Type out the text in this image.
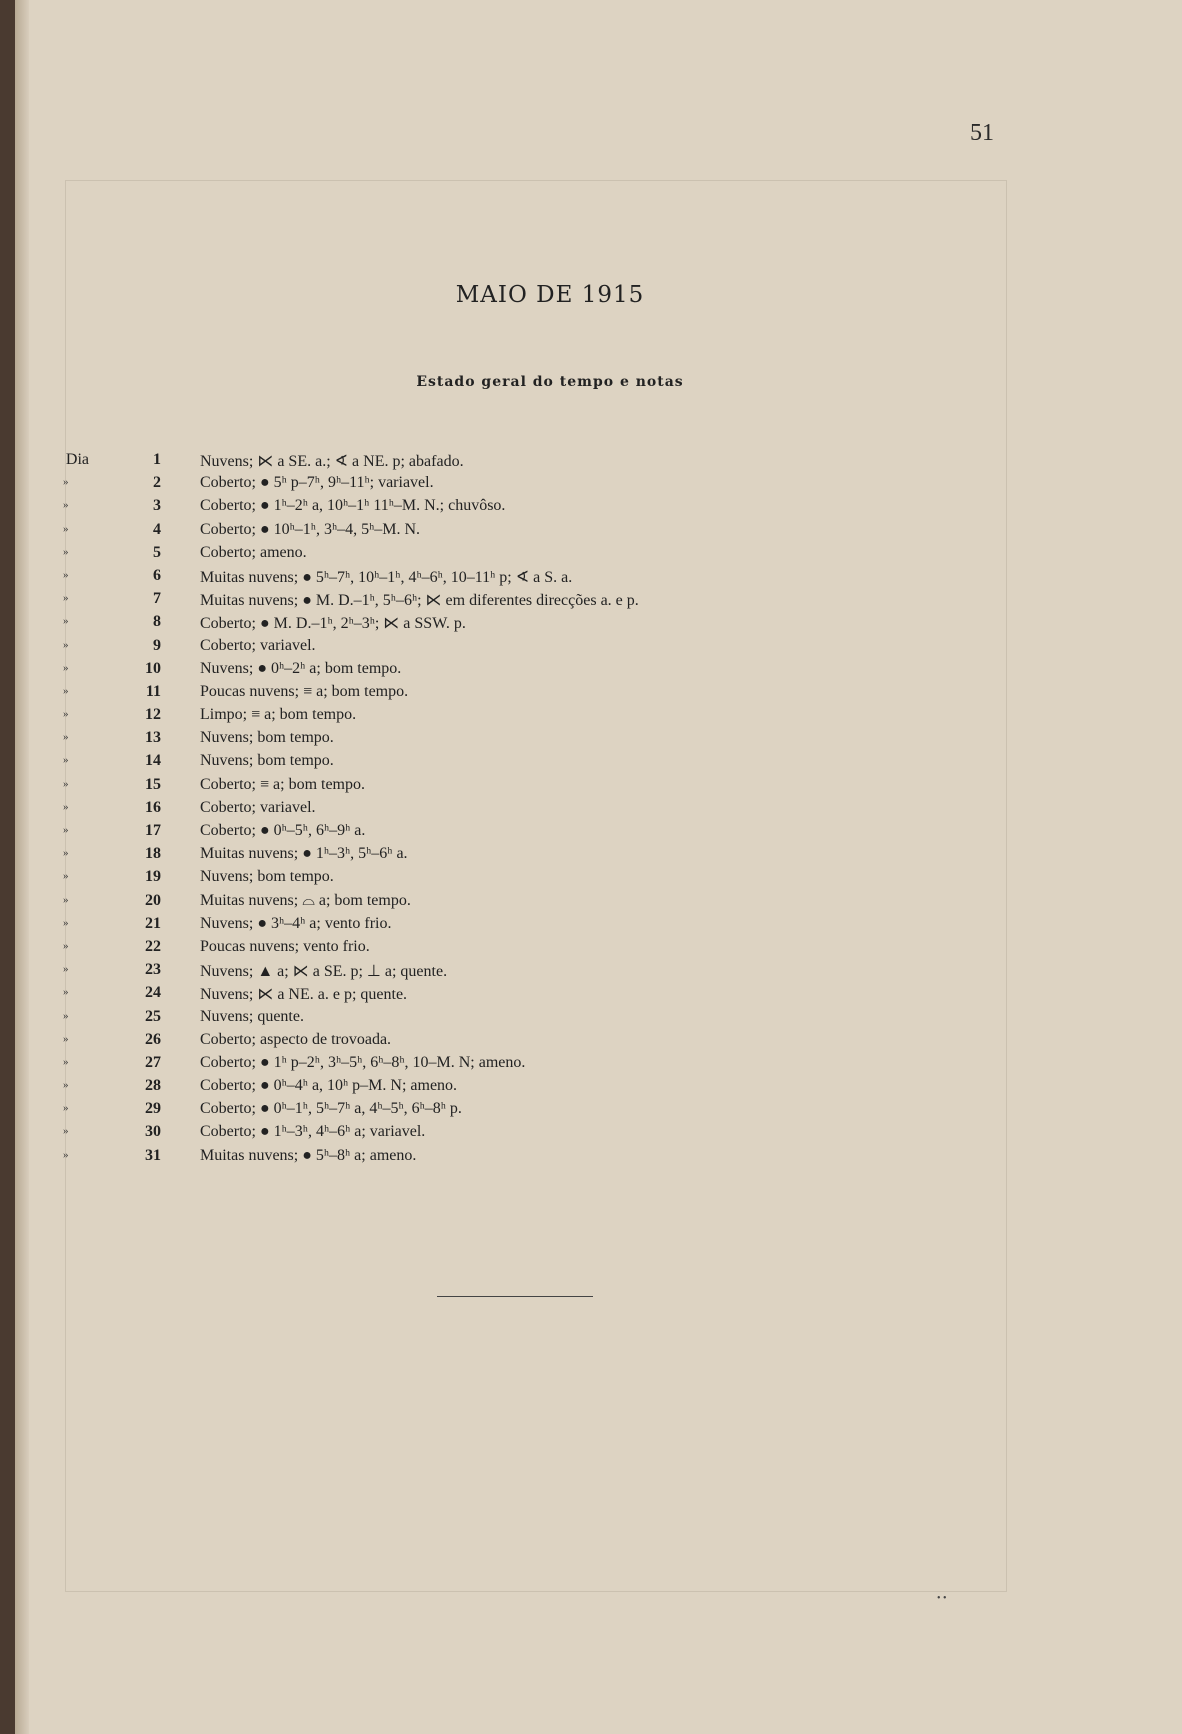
51
MAIO DE 1915
Estado geral do tempo e notas
Dia	1 Nuvens; ⋉ a SE. a.; ∢ a NE. p; abafado.
»	2 Coberto; ● 5ʰ p–7ʰ, 9ʰ–11ʰ; variavel.
»	3 Coberto; ● 1ʰ–2ʰ a, 10ʰ–1ʰ 11ʰ–M. N.; chuvôso.
»	4 Coberto; ● 10ʰ–1ʰ, 3ʰ–4, 5ʰ–M. N.
»	5 Coberto; ameno.
»	6 Muitas nuvens; ● 5ʰ–7ʰ, 10ʰ–1ʰ, 4ʰ–6ʰ, 10–11ʰ p; ∢ a S. a.
»	7 Muitas nuvens; ● M. D.–1ʰ, 5ʰ–6ʰ; ⋉ em diferentes direcções a. e p.
»	8 Coberto; ● M. D.–1ʰ, 2ʰ–3ʰ; ⋉ a SSW. p.
»	9 Coberto; variavel.
»	10 Nuvens; ● 0ʰ–2ʰ a; bom tempo.
»	11 Poucas nuvens; ≡ a; bom tempo.
»	12 Limpo; ≡ a; bom tempo.
»	13 Nuvens; bom tempo.
»	14 Nuvens; bom tempo.
»	15 Coberto; ≡ a; bom tempo.
»	16 Coberto; variavel.
»	17 Coberto; ● 0ʰ–5ʰ, 6ʰ–9ʰ a.
»	18 Muitas nuvens; ● 1ʰ–3ʰ, 5ʰ–6ʰ a.
»	19 Nuvens; bom tempo.
»	20 Muitas nuvens; ⌓ a; bom tempo.
»	21 Nuvens; ● 3ʰ–4ʰ a; vento frio.
»	22 Poucas nuvens; vento frio.
»	23 Nuvens; ▲ a; ⋉ a SE. p; ⊥ a; quente.
»	24 Nuvens; ⋉ a NE. a. e p; quente.
»	25 Nuvens; quente.
»	26 Coberto; aspecto de trovoada.
»	27 Coberto; ● 1ʰ p–2ʰ, 3ʰ–5ʰ, 6ʰ–8ʰ, 10–M. N; ameno.
»	28 Coberto; ● 0ʰ–4ʰ a, 10ʰ p–M. N; ameno.
»	29 Coberto; ● 0ʰ–1ʰ, 5ʰ–7ʰ a, 4ʰ–5ʰ, 6ʰ–8ʰ p.
»	30 Coberto; ● 1ʰ–3ʰ, 4ʰ–6ʰ a; variavel.
»	31 Muitas nuvens; ● 5ʰ–8ʰ a; ameno.
• •
